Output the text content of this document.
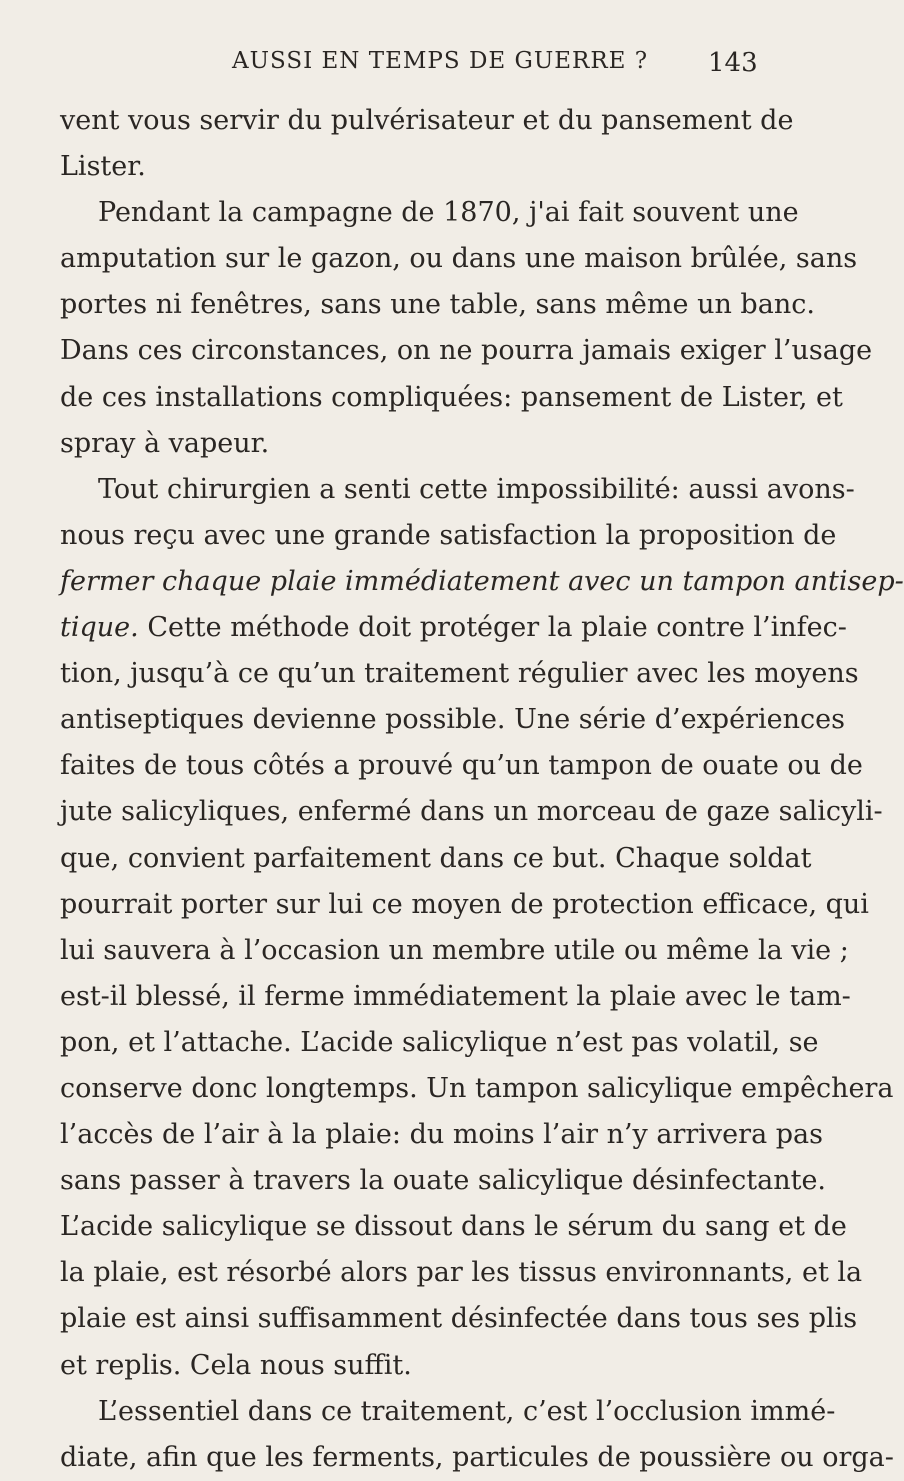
AUSSI EN TEMPS DE GUERRE ? 143
vent vous servir du pulvérisateur et du pansement de
Lister.
Pendant la campagne de 1870, j'ai fait souvent une
amputation sur le gazon, ou dans une maison brûlée, sans
portes ni fenêtres, sans une table, sans même un banc.
Dans ces circonstances, on ne pourra jamais exiger l’usage
de ces installations compliquées: pansement de Lister, et
spray à vapeur.
Tout chirurgien a senti cette impossibilité: aussi avons-
nous reçu avec une grande satisfaction la proposition de
fermer chaque plaie immédiatement avec un tampon antisep-
tique. Cette méthode doit protéger la plaie contre l’infec-
tion, jusqu’à ce qu’un traitement régulier avec les moyens
antiseptiques devienne possible. Une série d’expériences
faites de tous côtés a prouvé qu’un tampon de ouate ou de
jute salicyliques, enfermé dans un morceau de gaze salicyli-
que, convient parfaitement dans ce but. Chaque soldat
pourrait porter sur lui ce moyen de protection efficace, qui
lui sauvera à l’occasion un membre utile ou même la vie ;
est-il blessé, il ferme immédiatement la plaie avec le tam-
pon, et l’attache. L’acide salicylique n’est pas volatil, se
conserve donc longtemps. Un tampon salicylique empêchera
l’accès de l’air à la plaie: du moins l’air n’y arrivera pas
sans passer à travers la ouate salicylique désinfectante.
L’acide salicylique se dissout dans le sérum du sang et de
la plaie, est résorbé alors par les tissus environnants, et la
plaie est ainsi suffisamment désinfectée dans tous ses plis
et replis. Cela nous suffit.
L’essentiel dans ce traitement, c’est l’occlusion immé-
diate, afin que les ferments, particules de poussière ou orga-
